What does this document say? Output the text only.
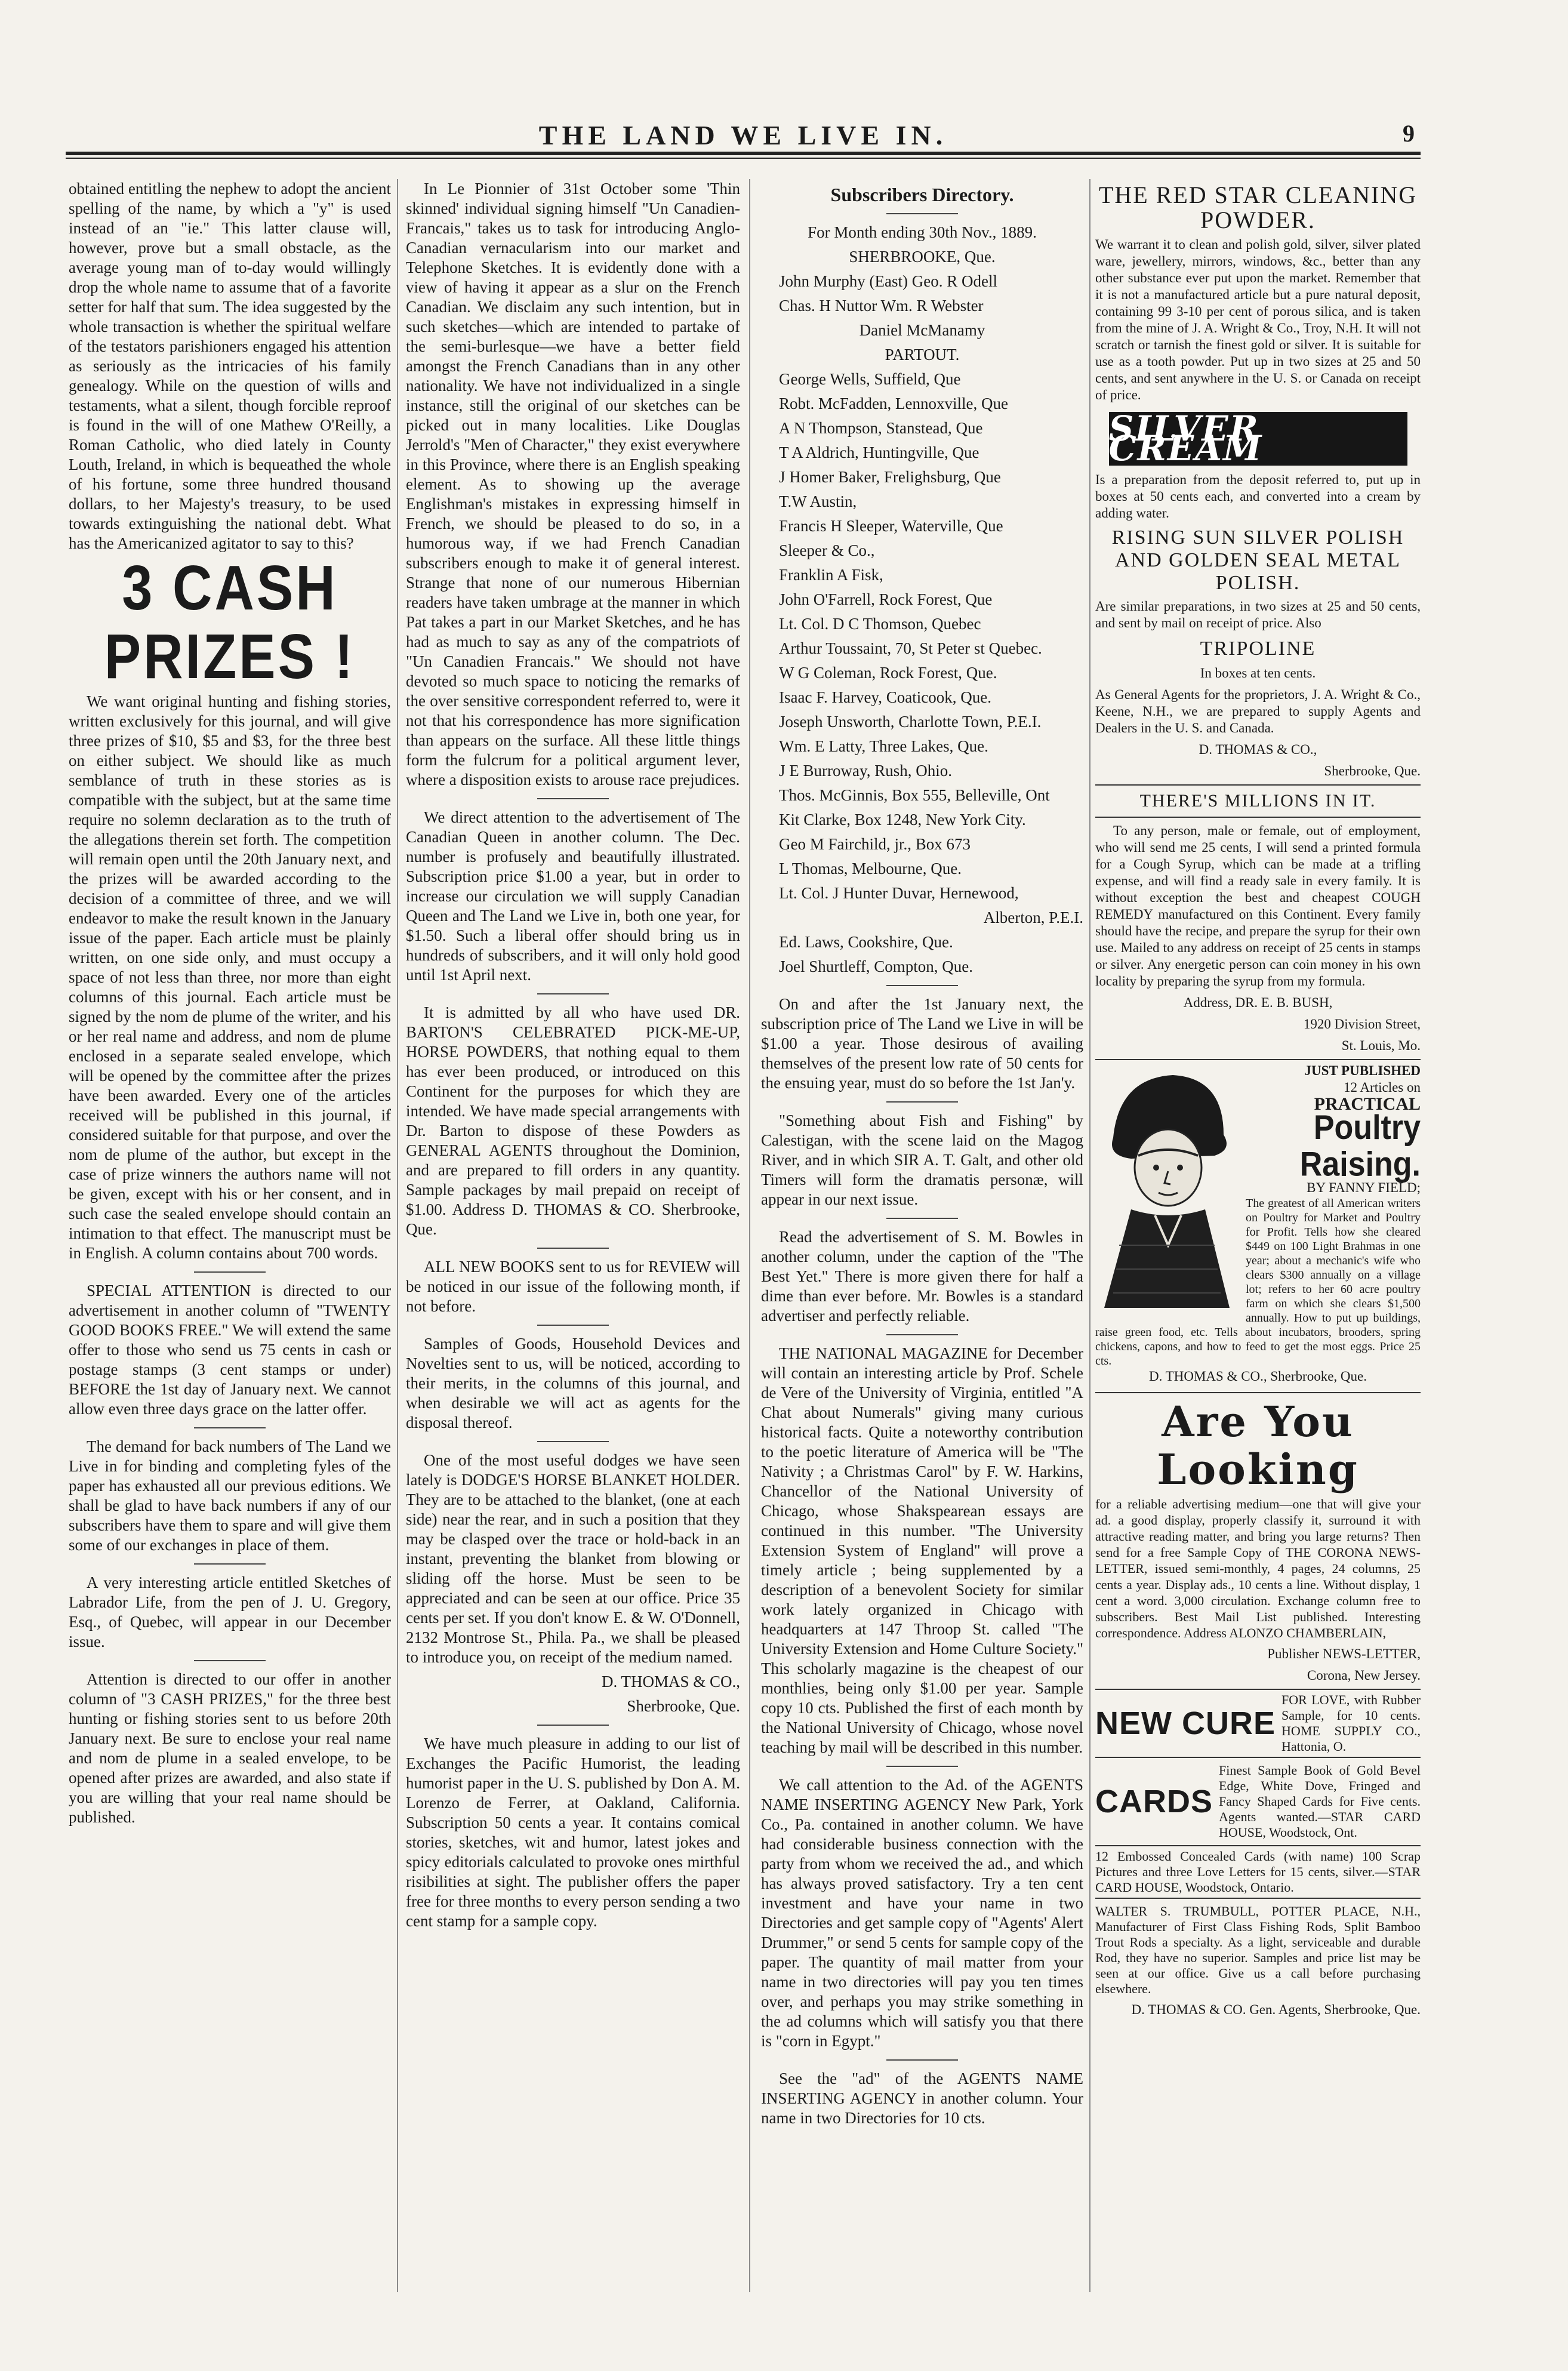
THE LAND WE LIVE IN.	9

obtained entitling the nephew to adopt the ancient spelling of the name, by which a "y" is used instead of an "ie." This latter clause will, however, prove but a small obstacle, as the average young man of to-day would willingly drop the whole name to assume that of a favorite setter for half that sum. The idea suggested by the whole transaction is whether the spiritual welfare of the testators parishioners engaged his attention as seriously as the intricacies of his family genealogy. While on the question of wills and testaments, what a silent, though forcible reproof is found in the will of one Mathew O'Reilly, a Roman Catholic, who died lately in County Louth, Ireland, in which is bequeathed the whole of his fortune, some three hundred thousand dollars, to her Majesty's treasury, to be used towards extinguishing the national debt. What has the Americanized agitator to say to this?

3 CASH PRIZES !

We want original hunting and fishing stories, written exclusively for this journal, and will give three prizes of $10, $5 and $3, for the three best on either subject. We should like as much semblance of truth in these stories as is compatible with the subject, but at the same time require no solemn declaration as to the truth of the allegations therein set forth. The competition will remain open until the 20th January next, and the prizes will be awarded according to the decision of a committee of three, and we will endeavor to make the result known in the January issue of the paper. Each article must be plainly written, on one side only, and must occupy a space of not less than three, nor more than eight columns of this journal. Each article must be signed by the nom de plume of the writer, and his or her real name and address, and nom de plume enclosed in a separate sealed envelope, which will be opened by the committee after the prizes have been awarded. Every one of the articles received will be published in this journal, if considered suitable for that purpose, and over the nom de plume of the author, but except in the case of prize winners the authors name will not be given, except with his or her consent, and in such case the sealed envelope should contain an intimation to that effect. The manuscript must be in English. A column contains about 700 words.

SPECIAL ATTENTION is directed to our advertisement in another column of "TWENTY GOOD BOOKS FREE." We will extend the same offer to those who send us 75 cents in cash or postage stamps (3 cent stamps or under) BEFORE the 1st day of January next. We cannot allow even three days grace on the latter offer.

The demand for back numbers of The Land we Live in for binding and completing fyles of the paper has exhausted all our previous editions. We shall be glad to have back numbers if any of our subscribers have them to spare and will give them some of our exchanges in place of them.

A very interesting article entitled Sketches of Labrador Life, from the pen of J. U. Gregory, Esq., of Quebec, will appear in our December issue.

Attention is directed to our offer in another column of "3 CASH PRIZES," for the three best hunting or fishing stories sent to us before 20th January next. Be sure to enclose your real name and nom de plume in a sealed envelope, to be opened after prizes are awarded, and also state if you are willing that your real name should be published.

In Le Pionnier of 31st October some 'Thin skinned' individual signing himself "Un Canadien-Francais," takes us to task for introducing Anglo-Canadian vernacularism into our market and Telephone Sketches. It is evidently done with a view of having it appear as a slur on the French Canadian. We disclaim any such intention, but in such sketches—which are intended to partake of the semi-burlesque—we have a better field amongst the French Canadians than in any other nationality. We have not individualized in a single instance, still the original of our sketches can be picked out in many localities. Like Douglas Jerrold's "Men of Character," they exist everywhere in this Province, where there is an English speaking element. As to showing up the average Englishman's mistakes in expressing himself in French, we should be pleased to do so, in a humorous way, if we had French Canadian subscribers enough to make it of general interest. Strange that none of our numerous Hibernian readers have taken umbrage at the manner in which Pat takes a part in our Market Sketches, and he has had as much to say as any of the compatriots of "Un Canadien Francais." We should not have devoted so much space to noticing the remarks of the over sensitive correspondent referred to, were it not that his correspondence has more signification than appears on the surface. All these little things form the fulcrum for a political argument lever, where a disposition exists to arouse race prejudices.

We direct attention to the advertisement of The Canadian Queen in another column. The Dec. number is profusely and beautifully illustrated. Subscription price $1.00 a year, but in order to increase our circulation we will supply Canadian Queen and The Land we Live in, both one year, for $1.50. Such a liberal offer should bring us in hundreds of subscribers, and it will only hold good until 1st April next.

It is admitted by all who have used DR. BARTON'S CELEBRATED PICK-ME-UP, HORSE POWDERS, that nothing equal to them has ever been produced, or introduced on this Continent for the purposes for which they are intended. We have made special arrangements with Dr. Barton to dispose of these Powders as GENERAL AGENTS throughout the Dominion, and are prepared to fill orders in any quantity. Sample packages by mail prepaid on receipt of $1.00. Address D. THOMAS & CO. Sherbrooke, Que.

ALL NEW BOOKS sent to us for REVIEW will be noticed in our issue of the following month, if not before.

Samples of Goods, Household Devices and Novelties sent to us, will be noticed, according to their merits, in the columns of this journal, and when desirable we will act as agents for the disposal thereof.

One of the most useful dodges we have seen lately is DODGE'S HORSE BLANKET HOLDER. They are to be attached to the blanket, (one at each side) near the rear, and in such a position that they may be clasped over the trace or hold-back in an instant, preventing the blanket from blowing or sliding off the horse. Must be seen to be appreciated and can be seen at our office. Price 35 cents per set. If you don't know E. & W. O'Donnell, 2132 Montrose St., Phila. Pa., we shall be pleased to introduce you, on receipt of the medium named.

D. THOMAS & CO.,

Sherbrooke, Que.

We have much pleasure in adding to our list of Exchanges the Pacific Humorist, the leading humorist paper in the U. S. published by Don A. M. Lorenzo de Ferrer, at Oakland, California. Subscription 50 cents a year. It contains comical stories, sketches, wit and humor, latest jokes and spicy editorials calculated to provoke ones mirthful risibilities at sight. The publisher offers the paper free for three months to every person sending a two cent stamp for a sample copy.

Subscribers Directory.

For Month ending 30th Nov., 1889.

SHERBROOKE, Que.

John Murphy (East) Geo. R Odell

Chas. H Nuttor Wm. R Webster

Daniel McManamy

PARTOUT.

George Wells, Suffield, Que

Robt. McFadden, Lennoxville, Que

A N Thompson, Stanstead, Que

T A Aldrich, Huntingville, Que

J Homer Baker, Frelighsburg, Que

T.W Austin,

Francis H Sleeper, Waterville, Que

Sleeper & Co.,

Franklin A Fisk,

John O'Farrell, Rock Forest, Que

Lt. Col. D C Thomson, Quebec

Arthur Toussaint, 70, St Peter st Quebec.

W G Coleman, Rock Forest, Que.

Isaac F. Harvey, Coaticook, Que.

Joseph Unsworth, Charlotte Town, P.E.I.

Wm. E Latty, Three Lakes, Que.

J E Burroway, Rush, Ohio.

Thos. McGinnis, Box 555, Belleville, Ont

Kit Clarke, Box 1248, New York City.

Geo M Fairchild, jr., Box 673

L Thomas, Melbourne, Que.

Lt. Col. J Hunter Duvar, Hernewood,

Alberton, P.E.I.

Ed. Laws, Cookshire, Que.

Joel Shurtleff, Compton, Que.

On and after the 1st January next, the subscription price of The Land we Live in will be $1.00 a year. Those desirous of availing themselves of the present low rate of 50 cents for the ensuing year, must do so before the 1st Jan'y.

"Something about Fish and Fishing" by Calestigan, with the scene laid on the Magog River, and in which SIR A. T. Galt, and other old Timers will form the dramatis personæ, will appear in our next issue.

Read the advertisement of S. M. Bowles in another column, under the caption of the "The Best Yet." There is more given there for half a dime than ever before. Mr. Bowles is a standard advertiser and perfectly reliable.

THE NATIONAL MAGAZINE for December will contain an interesting article by Prof. Schele de Vere of the University of Virginia, entitled "A Chat about Numerals" giving many curious historical facts. Quite a noteworthy contribution to the poetic literature of America will be "The Nativity ; a Christmas Carol" by F. W. Harkins, Chancellor of the National University of Chicago, whose Shakspearean essays are continued in this number. "The University Extension System of England" will prove a timely article ; being supplemented by a description of a benevolent Society for similar work lately organized in Chicago with headquarters at 147 Throop St. called "The University Extension and Home Culture Society." This scholarly magazine is the cheapest of our monthlies, being only $1.00 per year. Sample copy 10 cts. Published the first of each month by the National University of Chicago, whose novel teaching by mail will be described in this number.

We call attention to the Ad. of the AGENTS NAME INSERTING AGENCY New Park, York Co., Pa. contained in another column. We have had considerable business connection with the party from whom we received the ad., and which has always proved satisfactory. Try a ten cent investment and have your name in two Directories and get sample copy of "Agents' Alert Drummer," or send 5 cents for sample copy of the paper. The quantity of mail matter from your name in two directories will pay you ten times over, and perhaps you may strike something in the ad columns which will satisfy you that there is "corn in Egypt."

See the "ad" of the AGENTS NAME INSERTING AGENCY in another column. Your name in two Directories for 10 cts.

THE RED STAR CLEANING POWDER.

We warrant it to clean and polish gold, silver, silver plated ware, jewellery, mirrors, windows, &c., better than any other substance ever put upon the market. Remember that it is not a manufactured article but a pure natural deposit, containing 99 3-10 per cent of porous silica, and is taken from the mine of J. A. Wright & Co., Troy, N.H. It will not scratch or tarnish the finest gold or silver. It is suitable for use as a tooth powder. Put up in two sizes at 25 and 50 cents, and sent anywhere in the U. S. or Canada on receipt of price.

SILVER CREAM

Is a preparation from the deposit referred to, put up in boxes at 50 cents each, and converted into a cream by adding water.

RISING SUN SILVER POLISH AND GOLDEN SEAL METAL POLISH.

Are similar preparations, in two sizes at 25 and 50 cents, and sent by mail on receipt of price. Also

TRIPOLINE

In boxes at ten cents.

As General Agents for the proprietors, J. A. Wright & Co., Keene, N.H., we are prepared to supply Agents and Dealers in the U. S. and Canada.

D. THOMAS & CO.,

Sherbrooke, Que.

THERE'S MILLIONS IN IT.

To any person, male or female, out of employment, who will send me 25 cents, I will send a printed formula for a Cough Syrup, which can be made at a trifling expense, and will find a ready sale in every family. It is without exception the best and cheapest COUGH REMEDY manufactured on this Continent. Every family should have the recipe, and prepare the syrup for their own use. Mailed to any address on receipt of 25 cents in stamps or silver. Any energetic person can coin money in his own locality by preparing the syrup from my formula.

Address, DR. E. B. BUSH,

1920 Division Street,

St. Louis, Mo.

JUST PUBLISHED
12 Articles on
PRACTICAL
Poultry Raising.
BY FANNY FIELD;

The greatest of all American writers on Poultry for Market and Poultry for Profit. Tells how she cleared $449 on 100 Light Brahmas in one year; about a mechanic's wife who clears $300 annually on a village lot; refers to her 60 acre poultry farm on which she clears $1,500 annually. How to put up buildings, raise green food, etc. Tells about incubators, brooders, spring chickens, capons, and how to feed to get the most eggs. Price 25 cts.

D. THOMAS & CO., Sherbrooke, Que.

Are You Looking

for a reliable advertising medium—one that will give your ad. a good display, properly classify it, surround it with attractive reading matter, and bring you large returns? Then send for a free Sample Copy of THE CORONA NEWS-LETTER, issued semi-monthly, 4 pages, 24 columns, 25 cents a year. Display ads., 10 cents a line. Without display, 1 cent a word. 3,000 circulation. Exchange column free to subscribers. Best Mail List published. Interesting correspondence. Address ALONZO CHAMBERLAIN,

Publisher NEWS-LETTER,

Corona, New Jersey.

NEW CURE
FOR LOVE, with Rubber Sample, for 10 cents. HOME SUPPLY CO., Hattonia, O.
CARDS
Finest Sample Book of Gold Bevel Edge, White Dove, Fringed and Fancy Shaped Cards for Five cents. Agents wanted.—STAR CARD HOUSE, Woodstock, Ont.

12 Embossed Concealed Cards (with name) 100 Scrap Pictures and three Love Letters for 15 cents, silver.—STAR CARD HOUSE, Woodstock, Ontario.

WALTER S. TRUMBULL, POTTER PLACE, N.H., Manufacturer of First Class Fishing Rods, Split Bamboo Trout Rods a specialty. As a light, serviceable and durable Rod, they have no superior. Samples and price list may be seen at our office. Give us a call before purchasing elsewhere.

D. THOMAS & CO. Gen. Agents, Sherbrooke, Que.
